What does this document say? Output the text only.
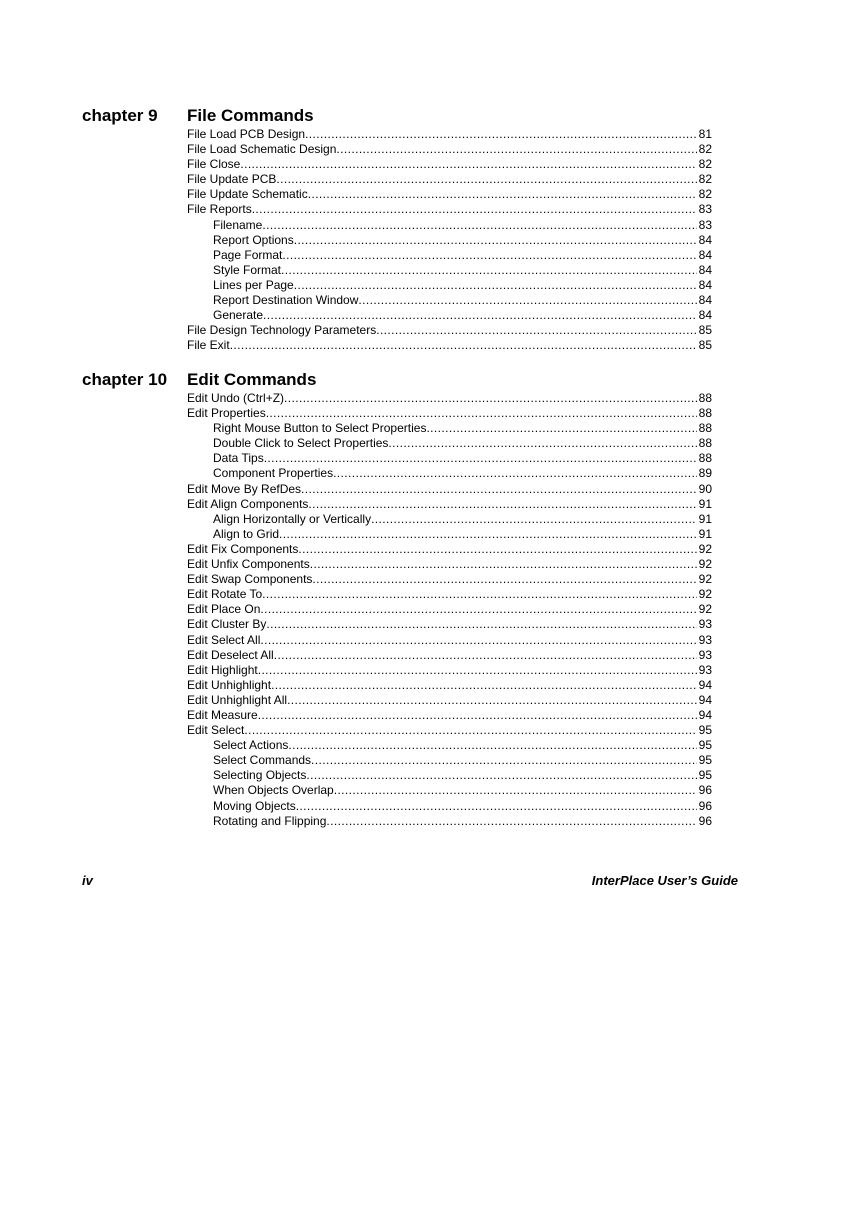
chapter 9 File Commands
File Load PCB Design .....	81
File Load Schematic Design .....	82
File Close .....	82
File Update PCB .....	82
File Update Schematic .....	82
File Reports .....	83
Filename .....	83
Report Options .....	84
Page Format .....	84
Style Format .....	84
Lines per Page .....	84
Report Destination Window .....	84
Generate .....	84
File Design Technology Parameters .....	85
File Exit .....	85
chapter 10 Edit Commands
Edit Undo (Ctrl+Z) .....	88
Edit Properties .....	88
Right Mouse Button to Select Properties .....	88
Double Click to Select Properties .....	88
Data Tips .....	88
Component Properties .....	89
Edit Move By RefDes .....	90
Edit Align Components .....	91
Align Horizontally or Vertically .....	91
Align to Grid .....	91
Edit Fix Components .....	92
Edit Unfix Components .....	92
Edit Swap Components .....	92
Edit Rotate To .....	92
Edit Place On .....	92
Edit Cluster By .....	93
Edit Select All .....	93
Edit Deselect All .....	93
Edit Highlight .....	93
Edit Unhighlight .....	94
Edit Unhighlight All .....	94
Edit Measure .....	94
Edit Select .....	95
Select Actions .....	95
Select Commands .....	95
Selecting Objects .....	95
When Objects Overlap .....	96
Moving Objects .....	96
Rotating and Flipping .....	96
iv	InterPlace User’s Guide
